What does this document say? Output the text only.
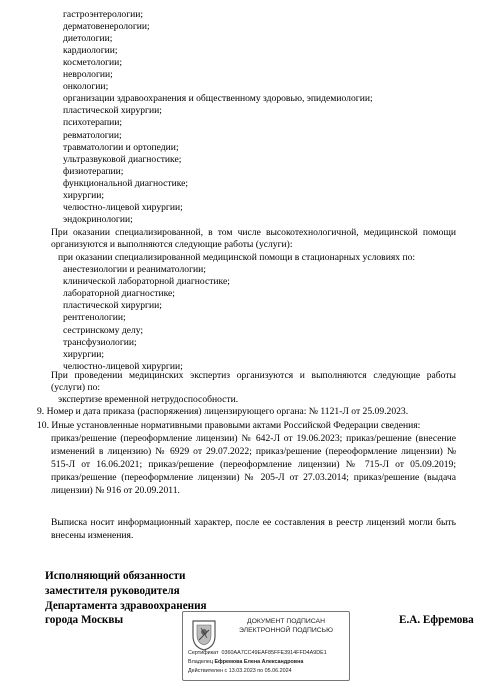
гастроэнтерологии;
дерматовенерологии;
диетологии;
кардиологии;
косметологии;
неврологии;
онкологии;
организации здравоохранения и общественному здоровью, эпидемиологии;
пластической хирургии;
психотерапии;
ревматологии;
травматологии и ортопедии;
ультразвуковой диагностике;
физиотерапии;
функциональной диагностике;
хирургии;
челюстно-лицевой хирургии;
эндокринологии;
При оказании специализированной, в том числе высокотехнологичной, медицинской помощи
организуются и выполняются следующие работы (услуги):
при оказании специализированной медицинской помощи в стационарных условиях по:
анестезиологии и реаниматологии;
клинической лабораторной диагностике;
лабораторной диагностике;
пластической хирургии;
рентгенологии;
сестринскому делу;
трансфузиологии;
хирургии;
челюстно-лицевой хирургии;
При проведении медицинских экспертиз организуются и выполняются следующие работы
(услуги) по:
экспертизе временной нетрудоспособности.
9. Номер и дата приказа (распоряжения) лицензирующего органа: № 1121-Л от 25.09.2023.
10. Иные установленные нормативными правовыми актами Российской Федерации сведения:
приказ/решение (переоформление лицензии) № 642-Л от 19.06.2023; приказ/решение (внесение
изменений в лицензию) № 6929 от 29.07.2022; приказ/решение (переоформление лицензии) №
515-Л от 16.06.2021; приказ/решение (переоформление лицензии) № 715-Л от 05.09.2019;
приказ/решение (переоформление лицензии) № 205-Л от 27.03.2014; приказ/решение (выдача
лицензии) № 916 от 20.09.2011.
Выписка носит информационный характер, после ее составления в реестр лицензий могли быть
внесены изменения.
Исполняющий обязанности
заместителя руководителя
Департамента здравоохранения
города Москвы	Е.А. Ефремова
ДОКУМЕНТ ПОДПИСАН
ЭЛЕКТРОННОЙ ПОДПИСЬЮ
Сертификат 0360AA7CC49EAF85FFE3914FFD4A9DE1
Владелец Ефремова Елена Александровна
Действителен с 13.03.2023 по 05.06.2024
